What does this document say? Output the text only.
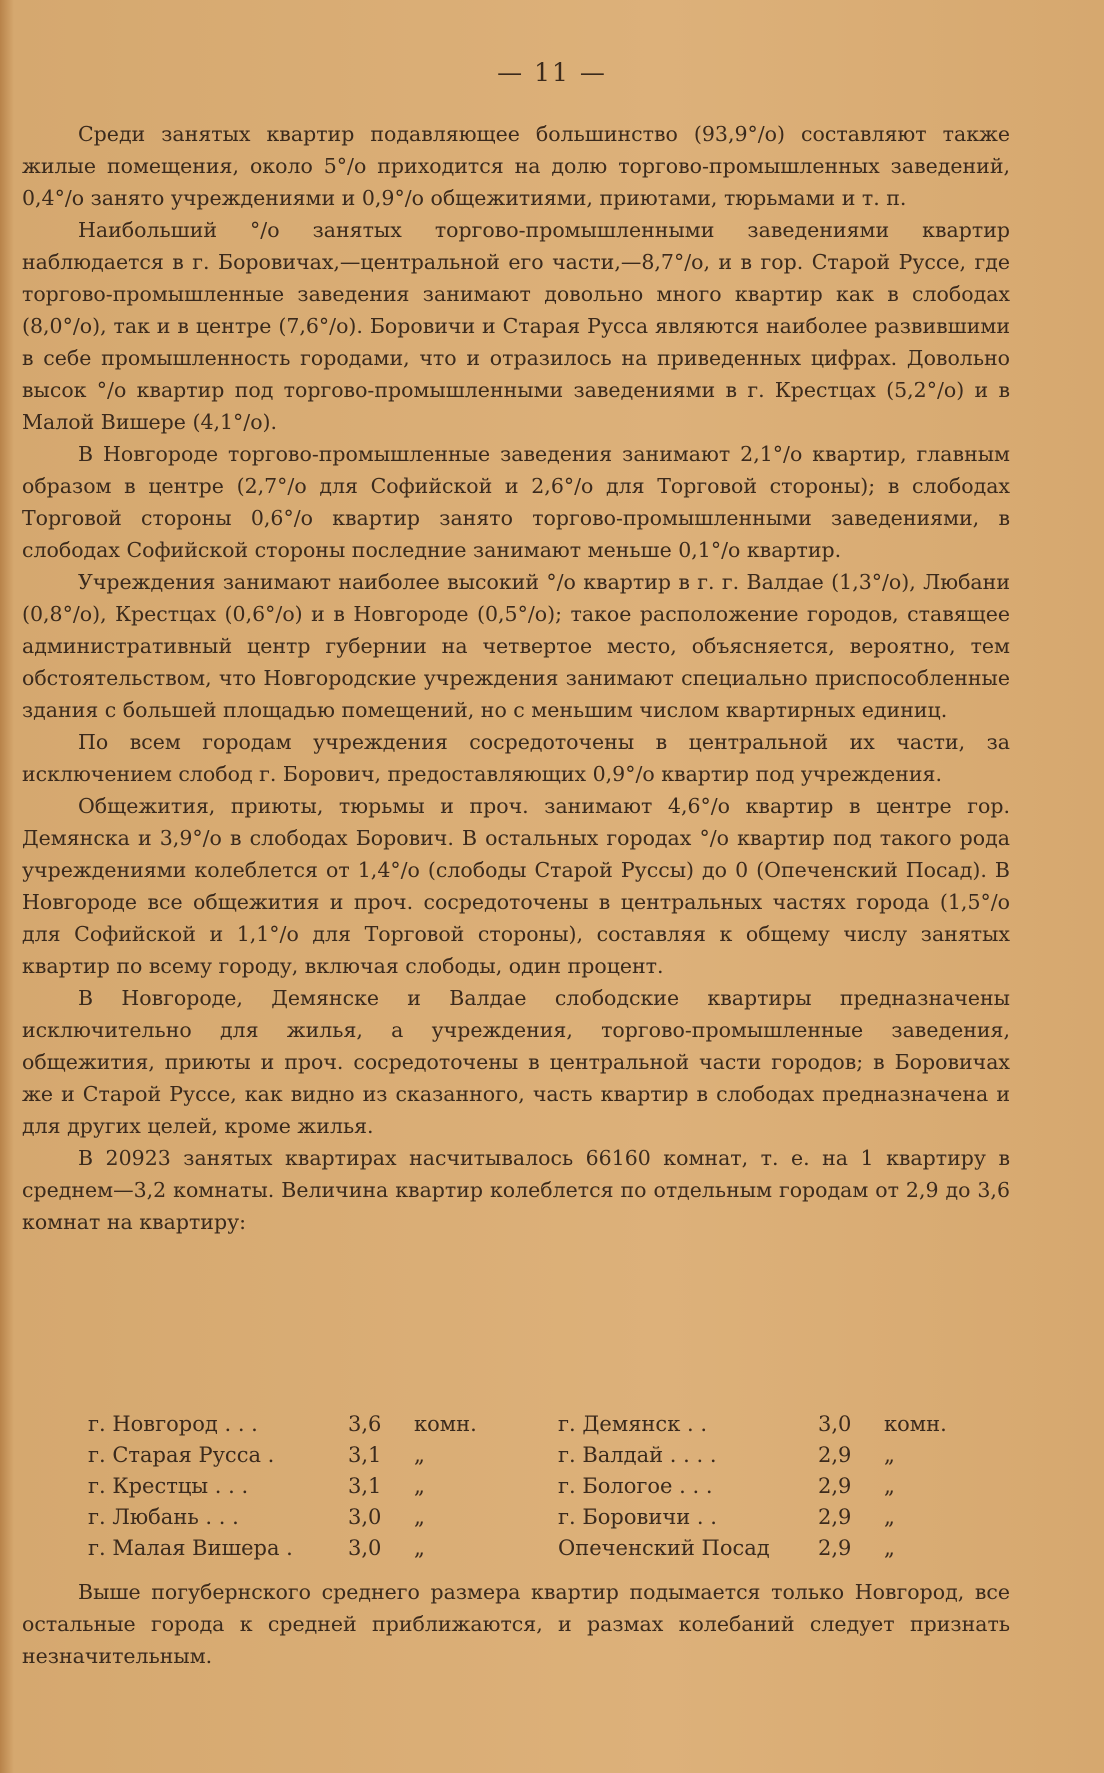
— 11 —

Среди занятых квартир подавляющее большинство (93,9°/о) составляют также жилые помещения, около 5°/о приходится на долю торгово-промышленных заведений, 0,4°/о занято учреждениями и 0,9°/о общежитиями, приютами, тюрьмами и т. п.

Наибольший °/о занятых торгово-промышленными заведениями квартир наблюдается в г. Боровичах,—центральной его части,—8,7°/о, и в гор. Старой Руссе, где торгово-промышленные заведения занимают довольно много квартир как в слободах (8,0°/о), так и в центре (7,6°/о). Боровичи и Старая Русса являются наиболее развившими в себе промышленность городами, что и отразилось на приведенных цифрах. Довольно высок °/о квартир под торгово-промышленными заведениями в г. Крестцах (5,2°/о) и в Малой Вишере (4,1°/о).

В Новгороде торгово-промышленные заведения занимают 2,1°/о квартир, главным образом в центре (2,7°/о для Софийской и 2,6°/о для Торговой стороны); в слободах Торговой стороны 0,6°/о квартир занято торгово-промышленными заведениями, в слободах Софийской стороны последние занимают меньше 0,1°/о квартир.

Учреждения занимают наиболее высокий °/о квартир в г. г. Валдае (1,3°/о), Любани (0,8°/о), Крестцах (0,6°/о) и в Новгороде (0,5°/о); такое расположение городов, ставящее административный центр губернии на четвертое место, объясняется, вероятно, тем обстоятельством, что Новгородские учреждения занимают специально приспособленные здания с большей площадью помещений, но с меньшим числом квартирных единиц.

По всем городам учреждения сосредоточены в центральной их части, за исключением слобод г. Борович, предоставляющих 0,9°/о квартир под учреждения.

Общежития, приюты, тюрьмы и проч. занимают 4,6°/о квартир в центре гор. Демянска и 3,9°/о в слободах Борович. В остальных городах °/о квартир под такого рода учреждениями колеблется от 1,4°/о (слободы Старой Руссы) до 0 (Опеченский Посад). В Новгороде все общежития и проч. сосредоточены в центральных частях города (1,5°/о для Софийской и 1,1°/о для Торговой стороны), составляя к общему числу занятых квартир по всему городу, включая слободы, один процент.

В Новгороде, Демянске и Валдае слободские квартиры предназначены исключительно для жилья, а учреждения, торгово-промышленные заведения, общежития, приюты и проч. сосредоточены в центральной части городов; в Боровичах же и Старой Руссе, как видно из сказанного, часть квартир в слободах предназначена и для других целей, кроме жилья.

В 20923 занятых квартирах насчитывалось 66160 комнат, т. е. на 1 квартиру в среднем—3,2 комнаты. Величина квартир колеблется по отдельным городам от 2,9 до 3,6 комнат на квартиру:

г. Новгород . . .	3,6	комн.
г. Старая Русса .	3,1	„
г. Крестцы . . .	3,1	„
г. Любань . . .	3,0	„
г. Малая Вишера .	3,0	„
г. Демянск . .	3,0	комн.
г. Валдай . . . .	2,9	„
г. Бологое . . .	2,9	„
г. Боровичи . .	2,9	„
Опеченский Посад	2,9	„

Выше погубернского среднего размера квартир подымается только Новгород, все остальные города к средней приближаются, и размах колебаний следует признать незначительным.
